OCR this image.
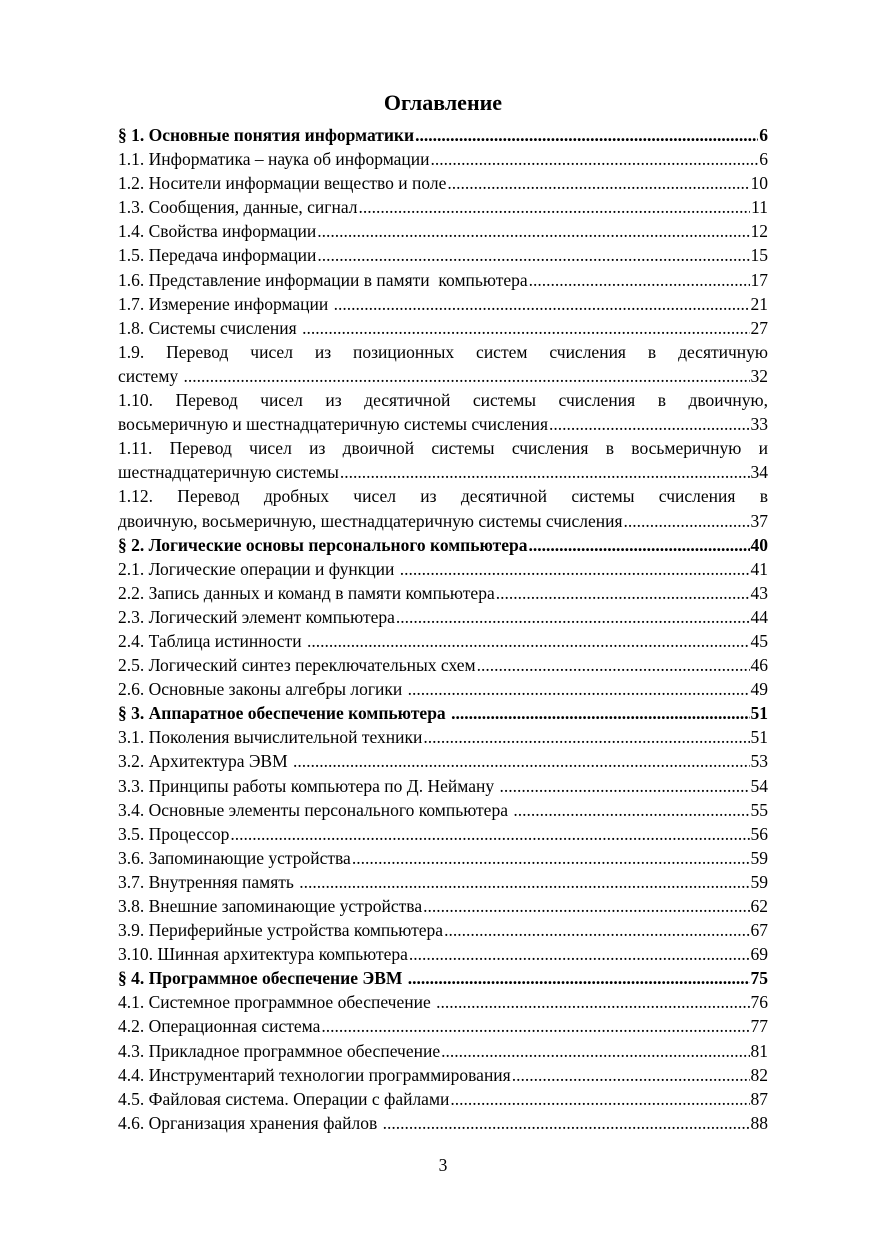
Оглавление
§ 1. Основные понятия информатики .....	6
1.1. Информатика – наука об информации .....	6
1.2. Носители информации вещество и поле .....	10
1.3. Сообщения, данные, сигнал .....	11
1.4. Свойства информации .....	12
1.5. Передача информации .....	15
1.6. Представление информации в памяти  компьютера .....	17
1.7. Измерение информации .....	21
1.8. Системы счисления .....	27
1.9. Перевод чисел из позиционных систем счисления в десятичную
систему .....	32
1.10. Перевод чисел из десятичной системы счисления в двоичную,
восьмеричную и шестнадцатеричную системы счисления .....	33
1.11. Перевод чисел из двоичной системы счисления в восьмеричную и
шестнадцатеричную системы .....	34
1.12. Перевод дробных чисел из десятичной системы счисления в
двоичную, восьмеричную, шестнадцатеричную системы счисления .....	37
§ 2. Логические основы персонального компьютера .....	40
2.1. Логические операции и функции .....	41
2.2. Запись данных и команд в памяти компьютера .....	43
2.3. Логический элемент компьютера .....	44
2.4. Таблица истинности .....	45
2.5. Логический синтез переключательных схем .....	46
2.6. Основные законы алгебры логики .....	49
§ 3. Аппаратное обеспечение компьютера .....	51
3.1. Поколения вычислительной техники .....	51
3.2. Архитектура ЭВМ .....	53
3.3. Принципы работы компьютера по Д. Нейману .....	54
3.4. Основные элементы персонального компьютера .....	55
3.5. Процессор .....	56
3.6. Запоминающие устройства .....	59
3.7. Внутренняя память .....	59
3.8. Внешние запоминающие устройства .....	62
3.9. Периферийные устройства компьютера .....	67
3.10. Шинная архитектура компьютера .....	69
§ 4. Программное обеспечение ЭВМ .....	75
4.1. Системное программное обеспечение .....	76
4.2. Операционная система .....	77
4.3. Прикладное программное обеспечение .....	81
4.4. Инструментарий технологии программирования .....	82
4.5. Файловая система. Операции с файлами .....	87
4.6. Организация хранения файлов .....	88
3
